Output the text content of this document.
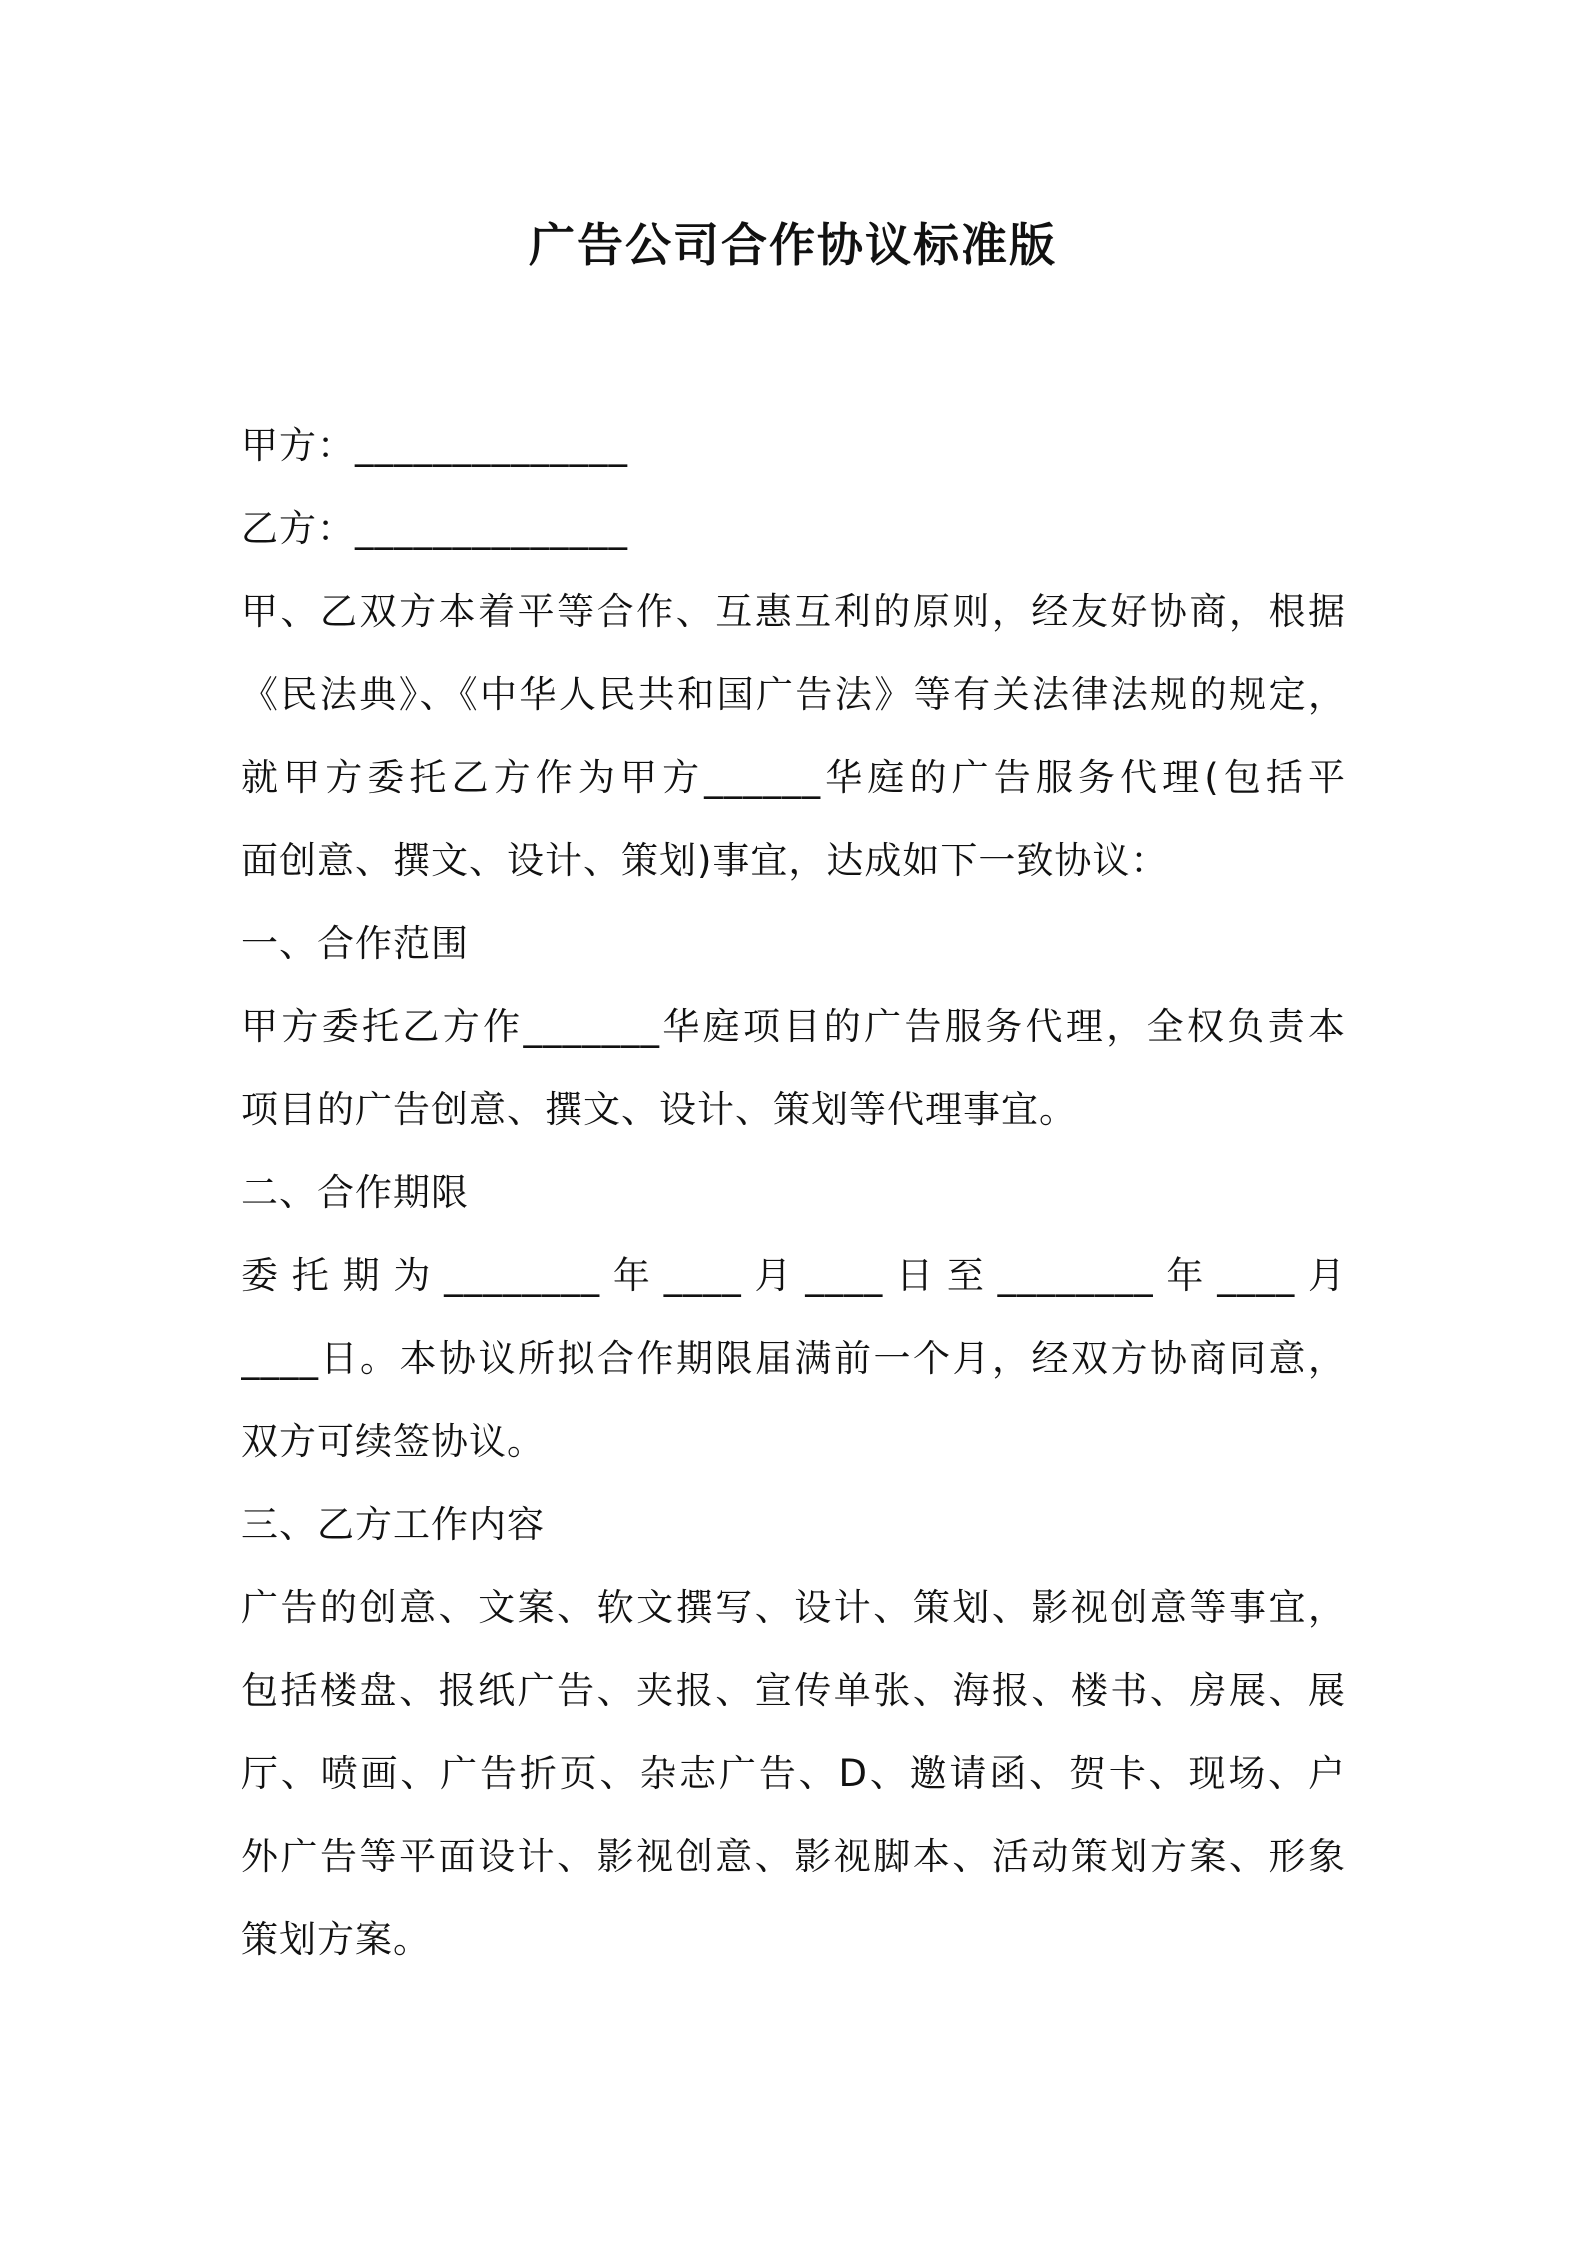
广告公司合作协议标准版
甲方：______________
乙方：______________
甲、乙双方本着平等合作、互惠互利的原则，经友好协商，根据
《民法典》、《中华人民共和国广告法》等有关法律法规的规定，
就甲方委托乙方作为甲方______华庭的广告服务代理(包括平
面创意、撰文、设计、策划)事宜，达成如下一致协议：
一、合作范围
甲方委托乙方作_______华庭项目的广告服务代理，全权负责本
项目的广告创意、撰文、设计、策划等代理事宜。
二、合作期限
委托期为________年____月____日至________年____月
____日。本协议所拟合作期限届满前一个月，经双方协商同意，
双方可续签协议。
三、乙方工作内容
广告的创意、文案、软文撰写、设计、策划、影视创意等事宜，
包括楼盘、报纸广告、夹报、宣传单张、海报、楼书、房展、展
厅、喷画、广告折页、杂志广告、D、邀请函、贺卡、现场、户
外广告等平面设计、影视创意、影视脚本、活动策划方案、形象
策划方案。
